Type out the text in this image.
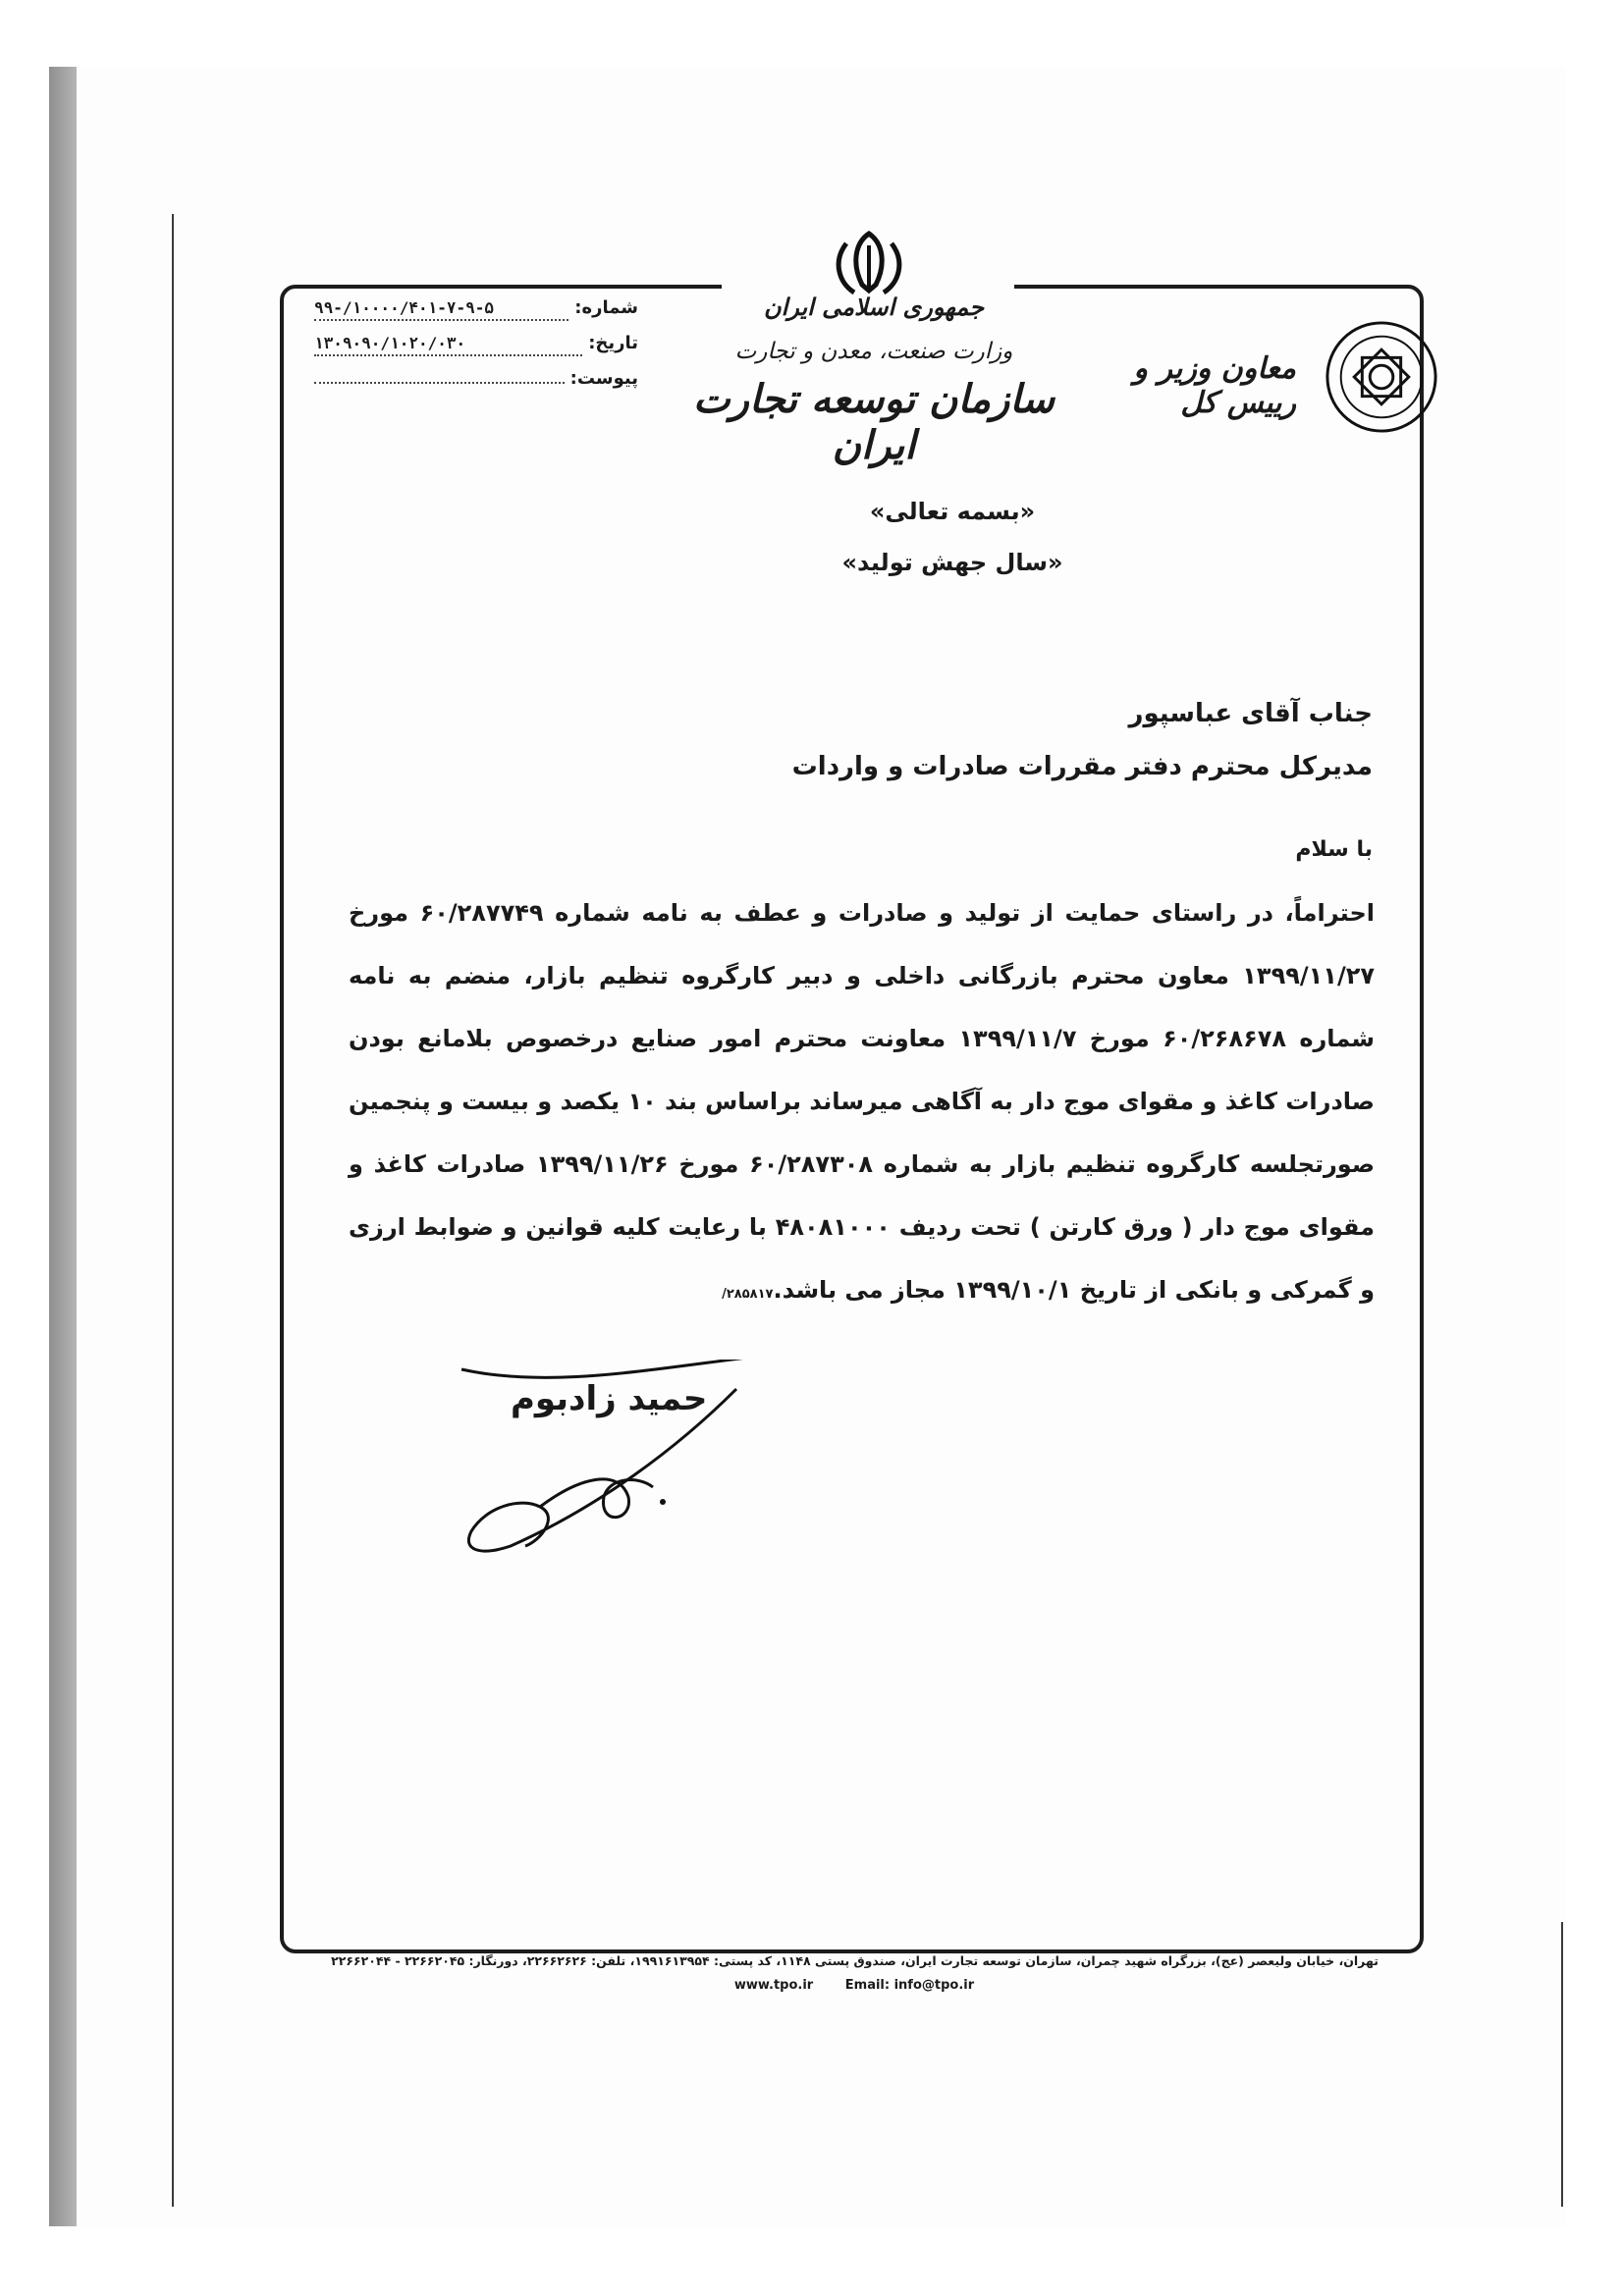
جمهوری اسلامی ایران
وزارت صنعت، معدن و تجارت
سازمان توسعه تجارت ایران
معاون وزیر و رییس کل
شماره:
۹۹-/۱۰۰۰۰/۴۰۱-۷-۹-۵
تاریخ:
۱۳۰۹۰۹۰/۱۰۲۰/۰۳۰
پیوست:
«بسمه تعالی»
«سال جهش تولید»
جناب آقای عباسپور
مدیرکل محترم دفتر مقررات صادرات و واردات
با سلام
احتراماً، در راستای حمایت از تولید و صادرات و عطف به نامه شماره ۶۰/۲۸۷۷۴۹ مورخ ۱۳۹۹/۱۱/۲۷ معاون محترم بازرگانی داخلی و دبیر کارگروه تنظیم بازار، منضم به نامه شماره ۶۰/۲۶۸۶۷۸ مورخ ۱۳۹۹/۱۱/۷ معاونت محترم امور صنایع درخصوص بلامانع بودن صادرات کاغذ و مقوای موج دار به آگاهی میرساند براساس بند ۱۰ یکصد و بیست و پنجمین صورتجلسه کارگروه تنظیم بازار به شماره ۶۰/۲۸۷۳۰۸ مورخ ۱۳۹۹/۱۱/۲۶ صادرات کاغذ و مقوای موج دار ( ورق کارتن ) تحت ردیف ۴۸۰۸۱۰۰۰ با رعایت کلیه قوانین و ضوابط ارزی و گمرکی و بانکی از تاریخ ۱۳۹۹/۱۰/۱ مجاز می باشد.۲۸۵۸۱۷/
حمید زادبوم
تهران، خیابان ولیعصر (عج)، بزرگراه شهید چمران، سازمان توسعه تجارت ایران، صندوق پستی ۱۱۴۸، کد پستی: ۱۹۹۱۶۱۳۹۵۴، تلفن: ۲۲۶۶۲۶۲۶، دورنگار: ۲۲۶۶۲۰۴۵ - ۲۲۶۶۲۰۴۴
www.tpo.ir	Email: info@tpo.ir
